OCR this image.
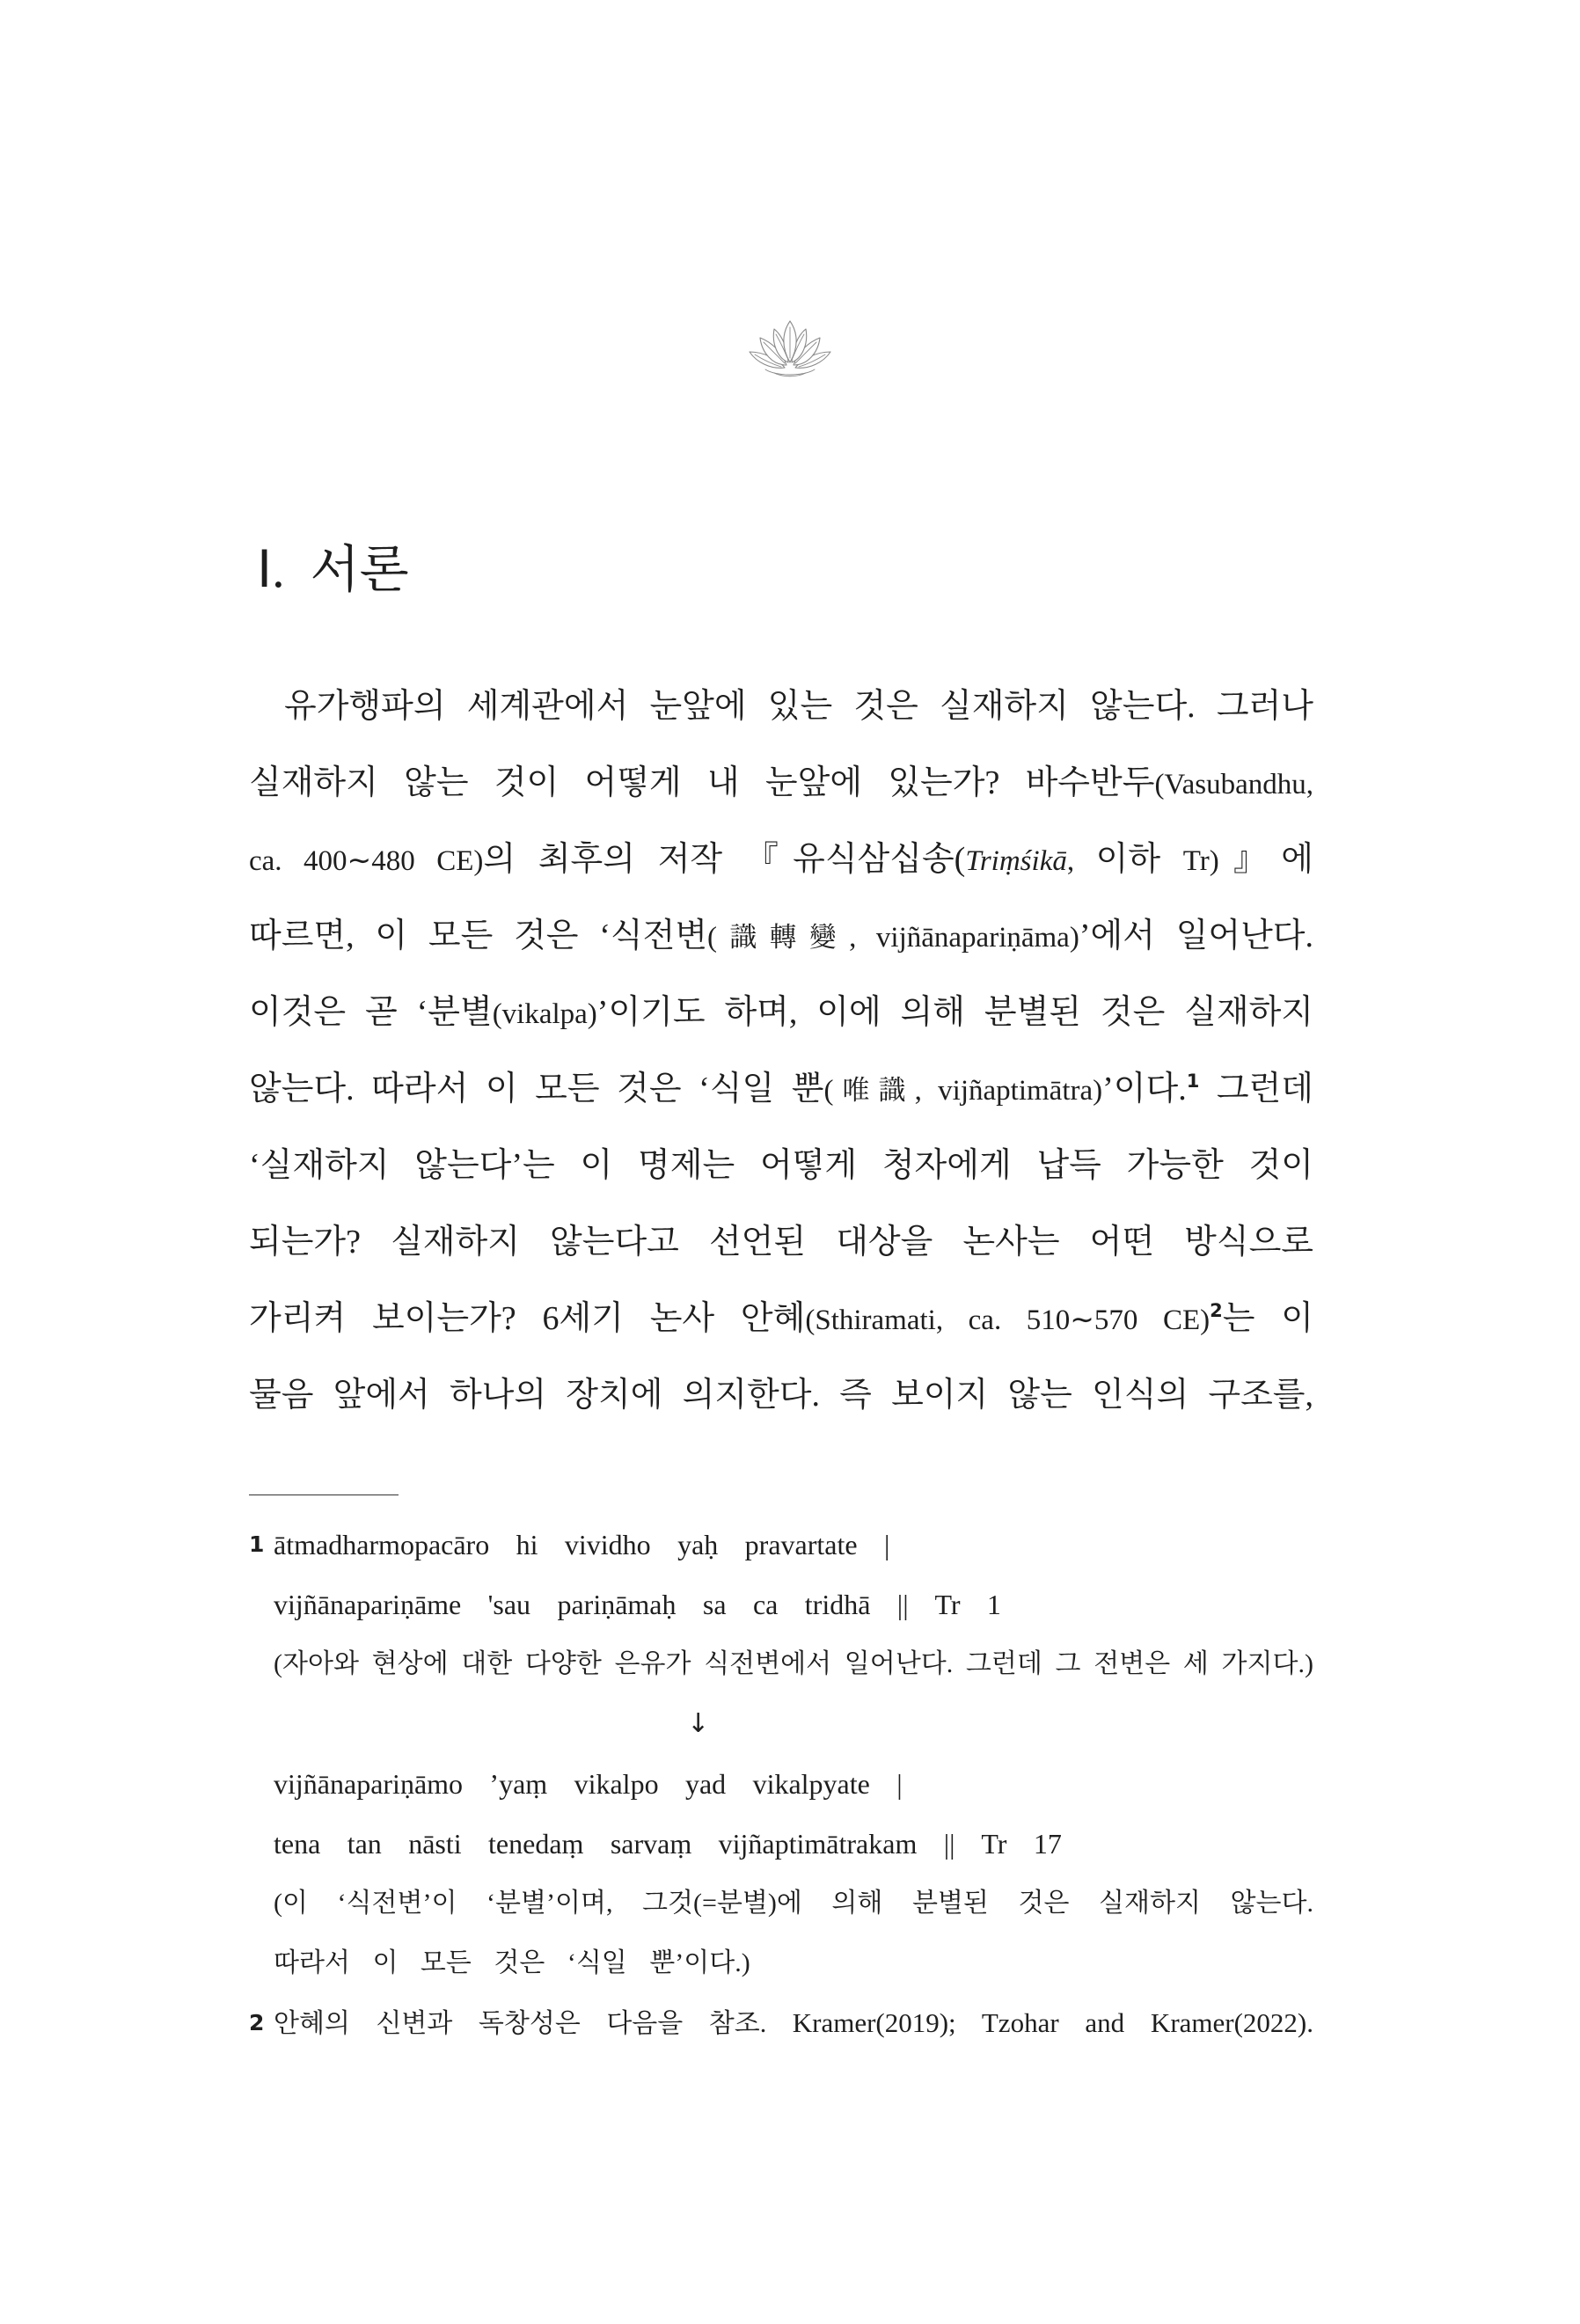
Ⅰ. 서론
유가행파의 세계관에서 눈앞에 있는 것은 실재하지 않는다. 그러나
실재하지 않는 것이 어떻게 내 눈앞에 있는가? 바수반두(Vasubandhu,
ca. 400∼480 CE)의 최후의 저작 『유식삼십송(Triṃśikā, 이하 Tr)』에
따르면, 이 모든 것은 ‘식전변(識轉變, vijñānapariṇāma)’에서 일어난다.
이것은 곧 ‘분별(vikalpa)’이기도 하며, 이에 의해 분별된 것은 실재하지
않는다. 따라서 이 모든 것은 ‘식일 뿐(唯識, vijñaptimātra)’이다.$^1$ 그런데
‘실재하지 않는다’는 이 명제는 어떻게 청자에게 납득 가능한 것이
되는가? 실재하지 않는다고 선언된 대상을 논사는 어떤 방식으로
가리켜 보이는가? 6세기 논사 안혜(Sthiramati, ca. 510∼570 CE)$^2$는 이
물음 앞에서 하나의 장치에 의지한다. 즉 보이지 않는 인식의 구조를,
1 ātmadharmopacāro hi vividho yaḥ pravartate |
vijñānapariṇāme 'sau pariṇāmaḥ sa ca tridhā || Tr 1
(자아와 현상에 대한 다양한 은유가 식전변에서 일어난다. 그런데 그 전변은 세 가지다.)
↓
vijñānapariṇāmo ’yaṃ vikalpo yad vikalpyate |
tena tan nāsti tenedaṃ sarvaṃ vijñaptimātrakam || Tr 17
(이 ‘식전변’이 ‘분별’이며, 그것(=분별)에 의해 분별된 것은 실재하지 않는다.
따라서 이 모든 것은 ‘식일 뿐’이다.)
2 안혜의 신변과 독창성은 다음을 참조. Kramer(2019); Tzohar and Kramer(2022).
